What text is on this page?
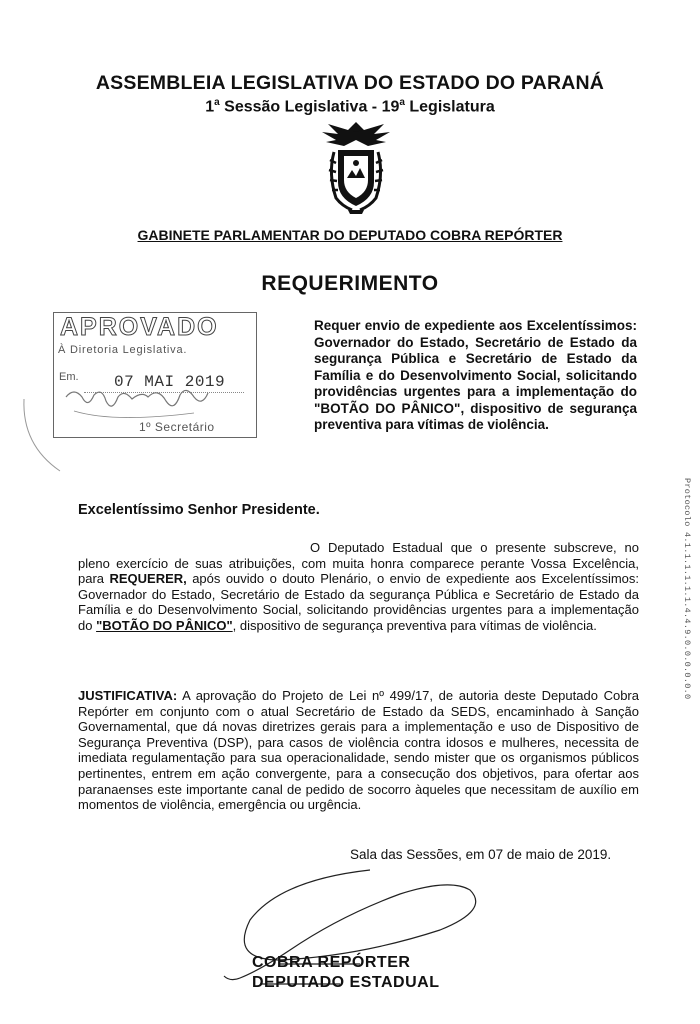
ASSEMBLEIA LEGISLATIVA DO ESTADO DO PARANÁ
1$^a$ Sessão Legislativa - 19$^a$ Legislatura
GABINETE PARLAMENTAR DO DEPUTADO COBRA REPÓRTER
REQUERIMENTO
APROVADO
À Diretoria Legislativa.
Em. 07 MAI 2019
1º Secretário
Requer envio de expediente aos Excelentíssimos: Governador do Estado, Secretário de Estado da segurança Pública e Secretário de Estado da Família e do Desenvolvimento Social, solicitando providências urgentes para a implementação do "BOTÃO DO PÂNICO", dispositivo de segurança preventiva para vítimas de violência.
Excelentíssimo Senhor Presidente.
O Deputado Estadual que o presente subscreve, no pleno exercício de suas atribuições, com muita honra comparece perante Vossa Excelência, para REQUERER, após ouvido o douto Plenário, o envio de expediente aos Excelentíssimos: Governador do Estado, Secretário de Estado da segurança Pública e Secretário de Estado da Família e do Desenvolvimento Social, solicitando providências urgentes para a implementação do "BOTÃO DO PÂNICO", dispositivo de segurança preventiva para vítimas de violência.
JUSTIFICATIVA: A aprovação do Projeto de Lei nº 499/17, de autoria deste Deputado Cobra Repórter em conjunto com o atual Secretário de Estado da SEDS, encaminhado à Sanção Governamental, que dá novas diretrizes gerais para a implementação e uso de Dispositivo de Segurança Preventiva (DSP), para casos de violência contra idosos e mulheres, necessita de imediata regulamentação para sua operacionalidade, sendo mister que os organismos públicos pertinentes, entrem em ação convergente, para a consecução dos objetivos, para ofertar aos paranaenses este importante canal de pedido de socorro àqueles que necessitam de auxílio em momentos de violência, emergência ou urgência.
Sala das Sessões, em 07 de maio de 2019.
COBRA REPÓRTER
DEPUTADO ESTADUAL
Protocolo 4.1.1.1.1.1.1.4.4.9.0.0.0.0.0.0
